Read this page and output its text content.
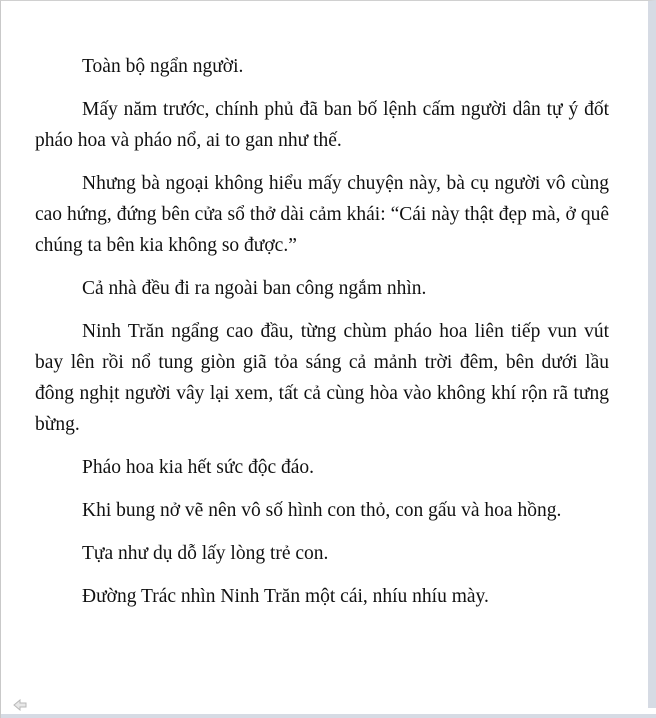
Toàn bộ ngẩn người.

Mấy năm trước, chính phủ đã ban bố lệnh cấm người dân tự ý đốt pháo hoa và pháo nổ, ai to gan như thế.

Nhưng bà ngoại không hiểu mấy chuyện này, bà cụ người vô cùng cao hứng, đứng bên cửa sổ thở dài cảm khái: “Cái này thật đẹp mà, ở quê chúng ta bên kia không so được.”

Cả nhà đều đi ra ngoài ban công ngắm nhìn.

Ninh Trăn ngẩng cao đầu, từng chùm pháo hoa liên tiếp vun vút bay lên rồi nổ tung giòn giã tỏa sáng cả mảnh trời đêm, bên dưới lầu đông nghịt người vây lại xem, tất cả cùng hòa vào không khí rộn rã tưng bừng.

Pháo hoa kia hết sức độc đáo.

Khi bung nở vẽ nên vô số hình con thỏ, con gấu và hoa hồng.

Tựa như dụ dỗ lấy lòng trẻ con.

Đường Trác nhìn Ninh Trăn một cái, nhíu nhíu mày.
